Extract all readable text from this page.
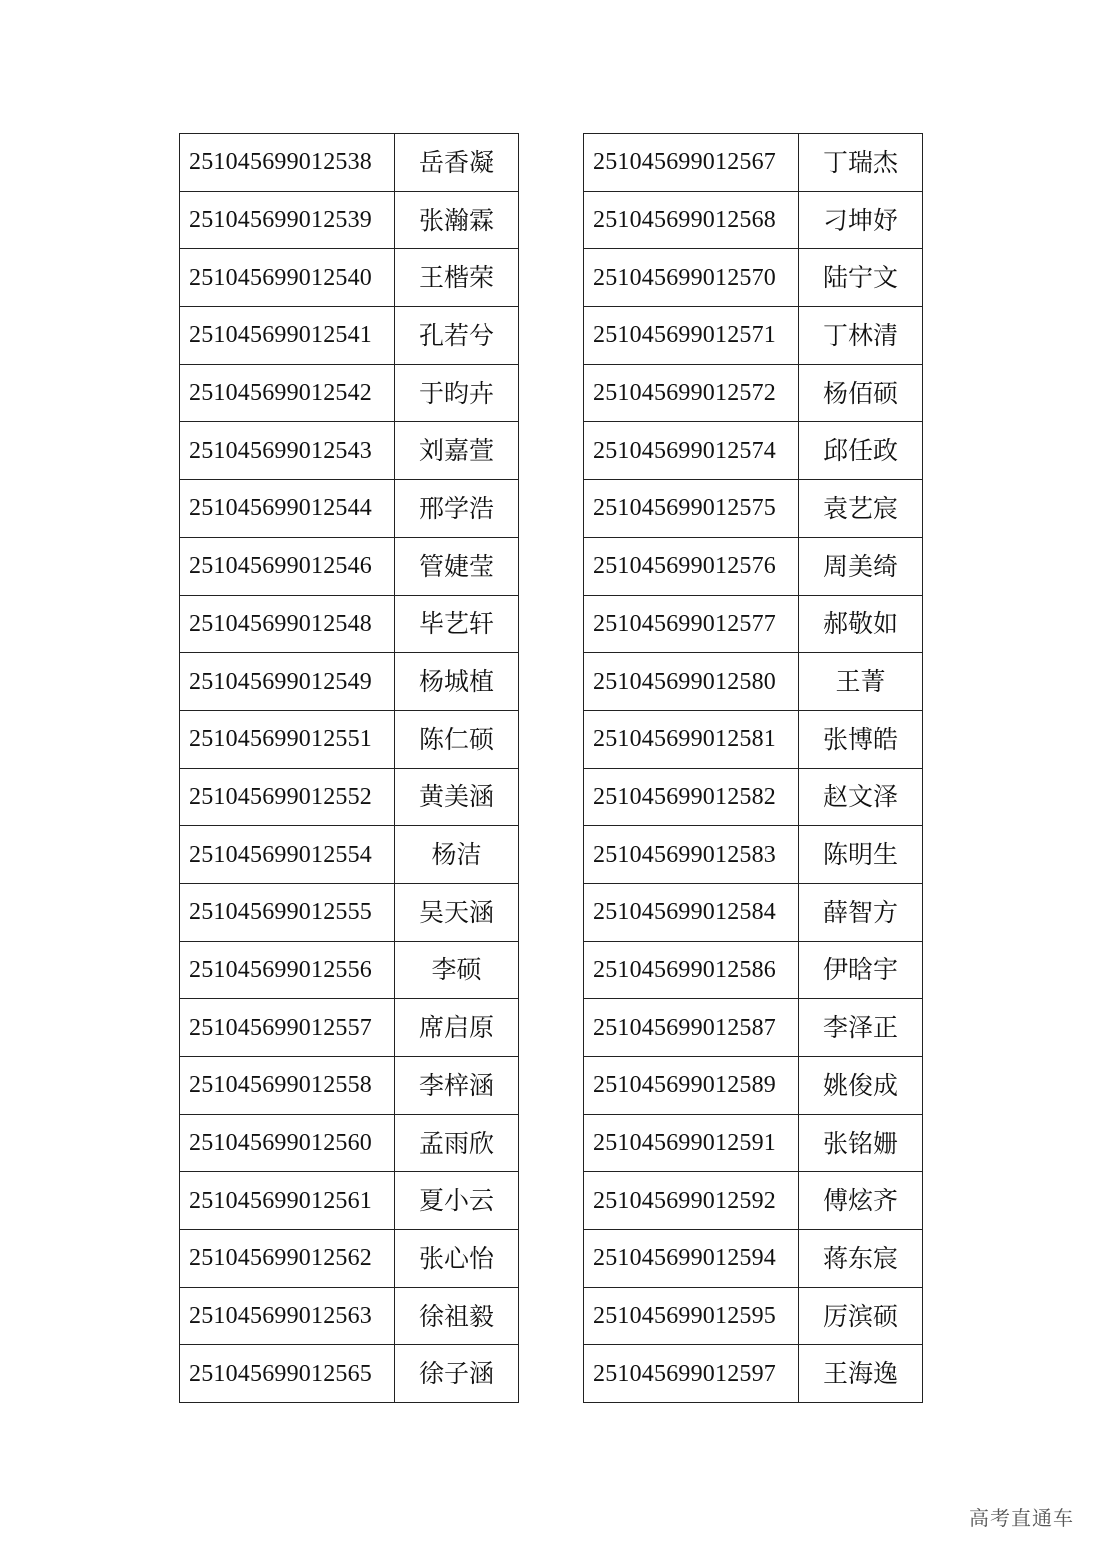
251045699012538	岳香凝
251045699012539	张瀚霖
251045699012540	王楷荣
251045699012541	孔若兮
251045699012542	于昀卉
251045699012543	刘嘉萱
251045699012544	邢学浩
251045699012546	管婕莹
251045699012548	毕艺轩
251045699012549	杨城植
251045699012551	陈仁硕
251045699012552	黄美涵
251045699012554	杨洁
251045699012555	吴天涵
251045699012556	李硕
251045699012557	席启原
251045699012558	李梓涵
251045699012560	孟雨欣
251045699012561	夏小云
251045699012562	张心怡
251045699012563	徐祖毅
251045699012565	徐子涵
251045699012567	丁瑞杰
251045699012568	刁坤妤
251045699012570	陆宁文
251045699012571	丁林清
251045699012572	杨佰硕
251045699012574	邱任政
251045699012575	袁艺宸
251045699012576	周美绮
251045699012577	郝敬如
251045699012580	王菁
251045699012581	张博皓
251045699012582	赵文泽
251045699012583	陈明生
251045699012584	薛智方
251045699012586	伊晗宇
251045699012587	李泽正
251045699012589	姚俊成
251045699012591	张铭姗
251045699012592	傅炫齐
251045699012594	蒋东宸
251045699012595	厉滨硕
251045699012597	王海逸
高考直通车
